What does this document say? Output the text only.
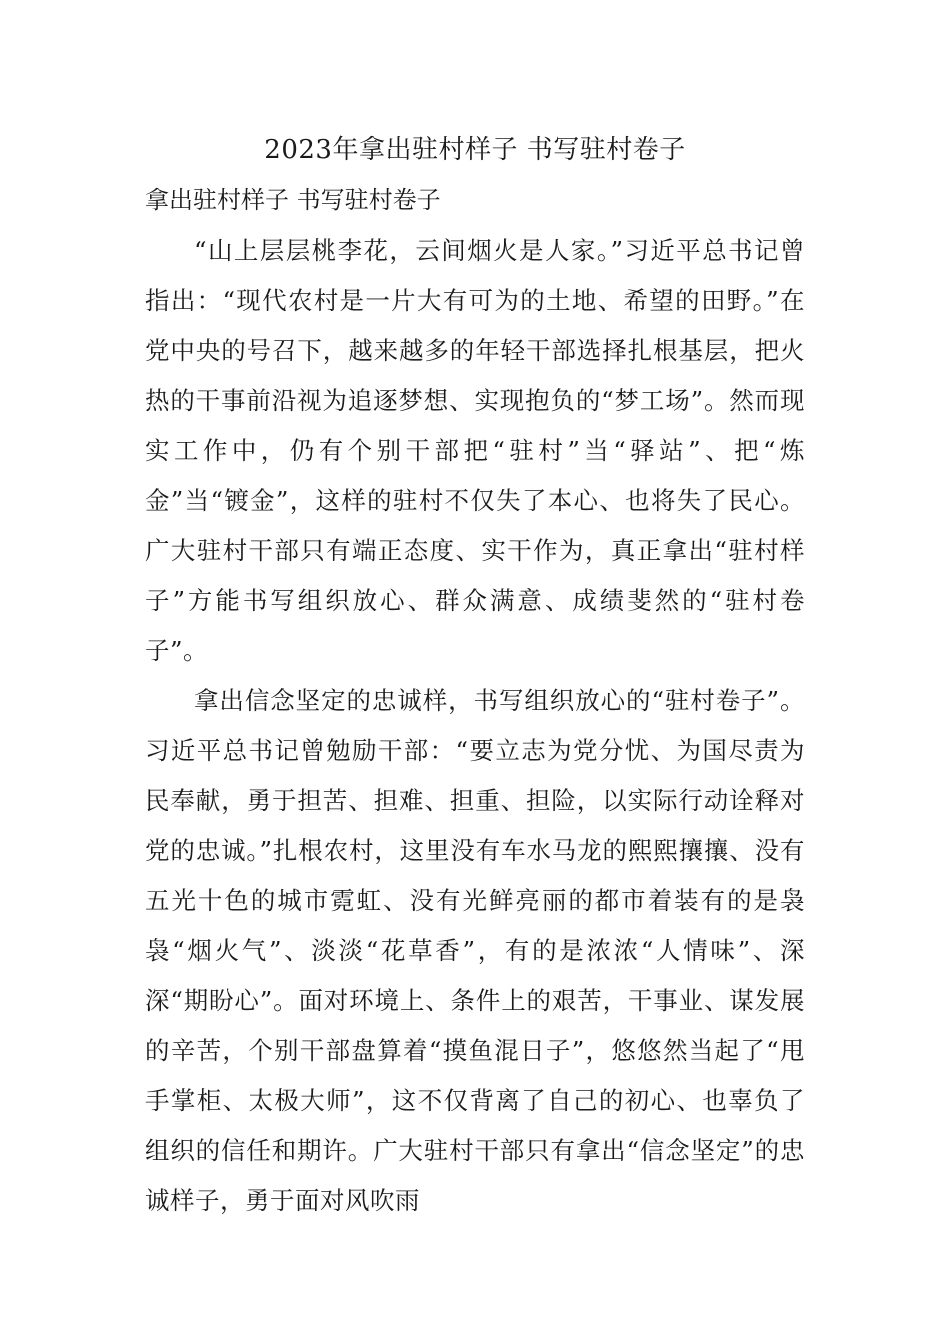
2023年拿出驻村样子 书写驻村卷子
拿出驻村样子 书写驻村卷子

“山上层层桃李花，云间烟火是人家。”习近平总书记曾指出：“现代农村是一片大有可为的土地、希望的田野。”在党中央的号召下，越来越多的年轻干部选择扎根基层，把火热的干事前沿视为追逐梦想、实现抱负的“梦工场”。然而现实工作中，仍有个别干部把“驻村”当“驿站”、把“炼金”当“镀金”，这样的驻村不仅失了本心、也将失了民心。广大驻村干部只有端正态度、实干作为，真正拿出“驻村样子”方能书写组织放心、群众满意、成绩斐然的“驻村卷子”。

拿出信念坚定的忠诚样，书写组织放心的“驻村卷子”。习近平总书记曾勉励干部：“要立志为党分忧、为国尽责为民奉献，勇于担苦、担难、担重、担险，以实际行动诠释对党的忠诚。”扎根农村，这里没有车水马龙的熙熙攘攘、没有五光十色的城市霓虹、没有光鲜亮丽的都市着装有的是袅袅“烟火气”、淡淡“花草香”，有的是浓浓“人情味”、深深“期盼心”。面对环境上、条件上的艰苦，干事业、谋发展的辛苦，个别干部盘算着“摸鱼混日子”，悠悠然当起了“甩手掌柜、太极大师”，这不仅背离了自己的初心、也辜负了组织的信任和期许。广大驻村干部只有拿出“信念坚定”的忠诚样子，勇于面对风吹雨
